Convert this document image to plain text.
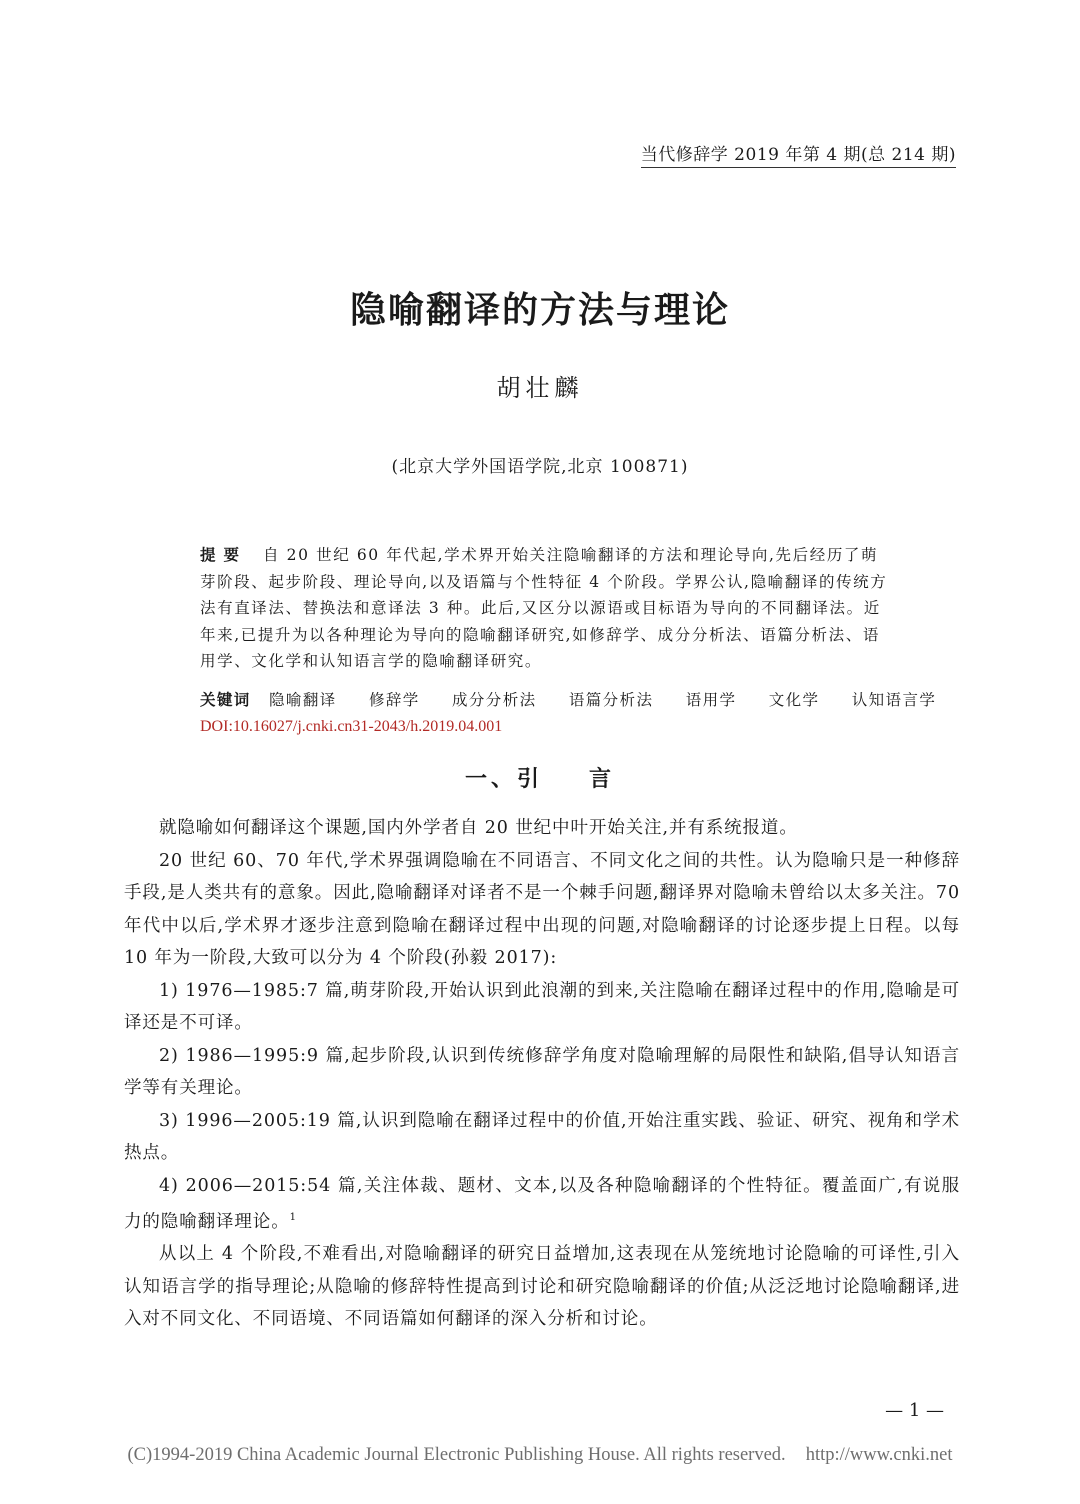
当代修辞学 2019 年第 4 期(总 214 期)
隐喻翻译的方法与理论
胡壮麟
(北京大学外国语学院,北京 100871)
提要 自 20 世纪 60 年代起,学术界开始关注隐喻翻译的方法和理论导向,先后经历了萌芽阶段、起步阶段、理论导向,以及语篇与个性特征 4 个阶段。学界公认,隐喻翻译的传统方法有直译法、替换法和意译法 3 种。此后,又区分以源语或目标语为导向的不同翻译法。近年来,已提升为以各种理论为导向的隐喻翻译研究,如修辞学、成分分析法、语篇分析法、语用学、文化学和认知语言学的隐喻翻译研究。
关键词 隐喻翻译 修辞学 成分分析法 语篇分析法 语用学 文化学 认知语言学
DOI:10.16027/j.cnki.cn31-2043/h.2019.04.001
一、引 言

就隐喻如何翻译这个课题,国内外学者自 20 世纪中叶开始关注,并有系统报道。

20 世纪 60、70 年代,学术界强调隐喻在不同语言、不同文化之间的共性。认为隐喻只是一种修辞手段,是人类共有的意象。因此,隐喻翻译对译者不是一个棘手问题,翻译界对隐喻未曾给以太多关注。70 年代中以后,学术界才逐步注意到隐喻在翻译过程中出现的问题,对隐喻翻译的讨论逐步提上日程。以每 10 年为一阶段,大致可以分为 4 个阶段(孙毅 2017):

1) 1976—1985:7 篇,萌芽阶段,开始认识到此浪潮的到来,关注隐喻在翻译过程中的作用,隐喻是可译还是不可译。

2) 1986—1995:9 篇,起步阶段,认识到传统修辞学角度对隐喻理解的局限性和缺陷,倡导认知语言学等有关理论。

3) 1996—2005:19 篇,认识到隐喻在翻译过程中的价值,开始注重实践、验证、研究、视角和学术热点。

4) 2006—2015:54 篇,关注体裁、题材、文本,以及各种隐喻翻译的个性特征。覆盖面广,有说服力的隐喻翻译理论。$^1$

从以上 4 个阶段,不难看出,对隐喻翻译的研究日益增加,这表现在从笼统地讨论隐喻的可译性,引入认知语言学的指导理论;从隐喻的修辞特性提高到讨论和研究隐喻翻译的价值;从泛泛地讨论隐喻翻译,进入对不同文化、不同语境、不同语篇如何翻译的深入分析和讨论。

— 1 —
(C)1994-2019 China Academic Journal Electronic Publishing House. All rights reserved. http://www.cnki.net
